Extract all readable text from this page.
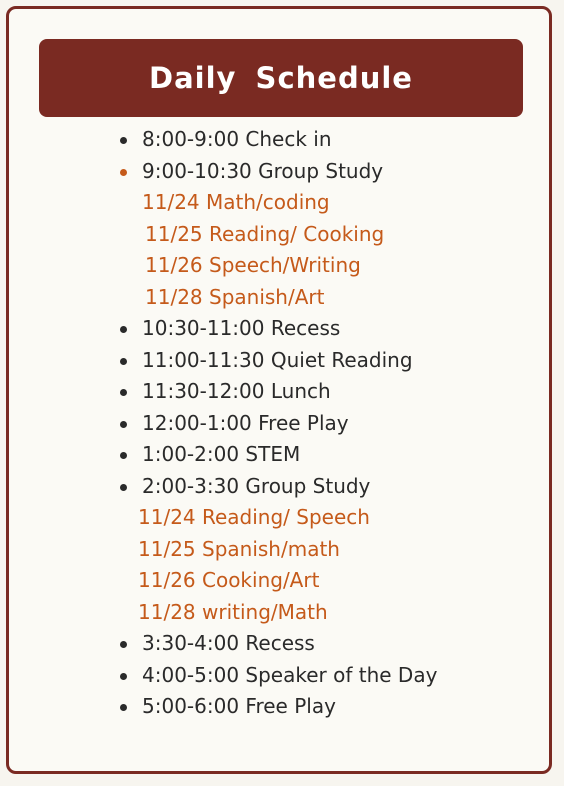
Daily Schedule
8:00-9:00 Check in
9:00-10:30 Group Study
11/24 Math/coding
11/25 Reading/ Cooking
11/26 Speech/Writing
11/28 Spanish/Art
10:30-11:00 Recess
11:00-11:30 Quiet Reading
11:30-12:00 Lunch
12:00-1:00 Free Play
1:00-2:00 STEM
2:00-3:30 Group Study
11/24 Reading/ Speech
11/25 Spanish/math
11/26 Cooking/Art
11/28 writing/Math
3:30-4:00 Recess
4:00-5:00 Speaker of the Day
5:00-6:00 Free Play
